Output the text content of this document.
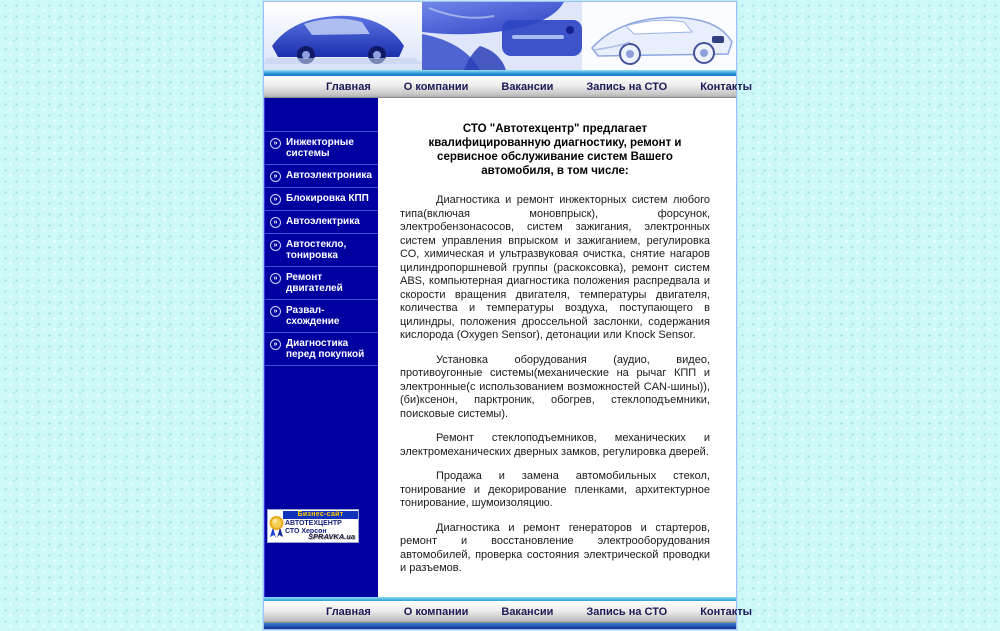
Главная	О компании	Вакансии	Запись на СТО	Контакты
» Инжекторные системы
» Автоэлектроника
» Блокировка КПП
» Автоэлектрика
» Автостекло, тонировка
» Ремонт двигателей
» Развал-схождение
» Диагностика перед покупкой
Бизнес-сайт
АВТОТЕХЦЕНТР
СТО Херсон
SPRAVKA.ua
СТО "Автотехцентр" предлагает квалифицированную диагностику, ремонт и сервисное обслуживание систем Вашего автомобиля, в том числе:

Диагностика и ремонт инжекторных систем любого типа(включая моновпрыск), форсунок, электробензонасосов, систем зажигания, электронных систем управления впрыском и зажиганием, регулировка СО, химическая и ультразвуковая очистка, снятие нагаров цилиндропоршневой группы (раскоксовка), ремонт систем ABS, компьютерная диагностика положения распредвала и скорости вращения двигателя, температуры двигателя, количества и температуры воздуха, поступающего в цилиндры, положения дроссельной заслонки, содержания кислорода (Oxygen Sensor), детонации или Knock Sensor.

Установка оборудования (аудио, видео, противоугонные системы(механические на рычаг КПП и электронные(с использованием возможностей CAN-шины)), (би)ксенон, парктроник, обогрев, стеклоподъемники, поисковые системы).

Ремонт стеклоподъемников, механических и электромеханических дверных замков, регулировка дверей.

Продажа и замена автомобильных стекол, тонирование и декорирование пленками, архитектурное тонирование, шумоизоляцию.

Диагностика и ремонт генераторов и стартеров, ремонт и восстановление электрооборудования автомобилей, проверка состояния электрической проводки и разъемов.

Главная	О компании	Вакансии	Запись на СТО	Контакты
